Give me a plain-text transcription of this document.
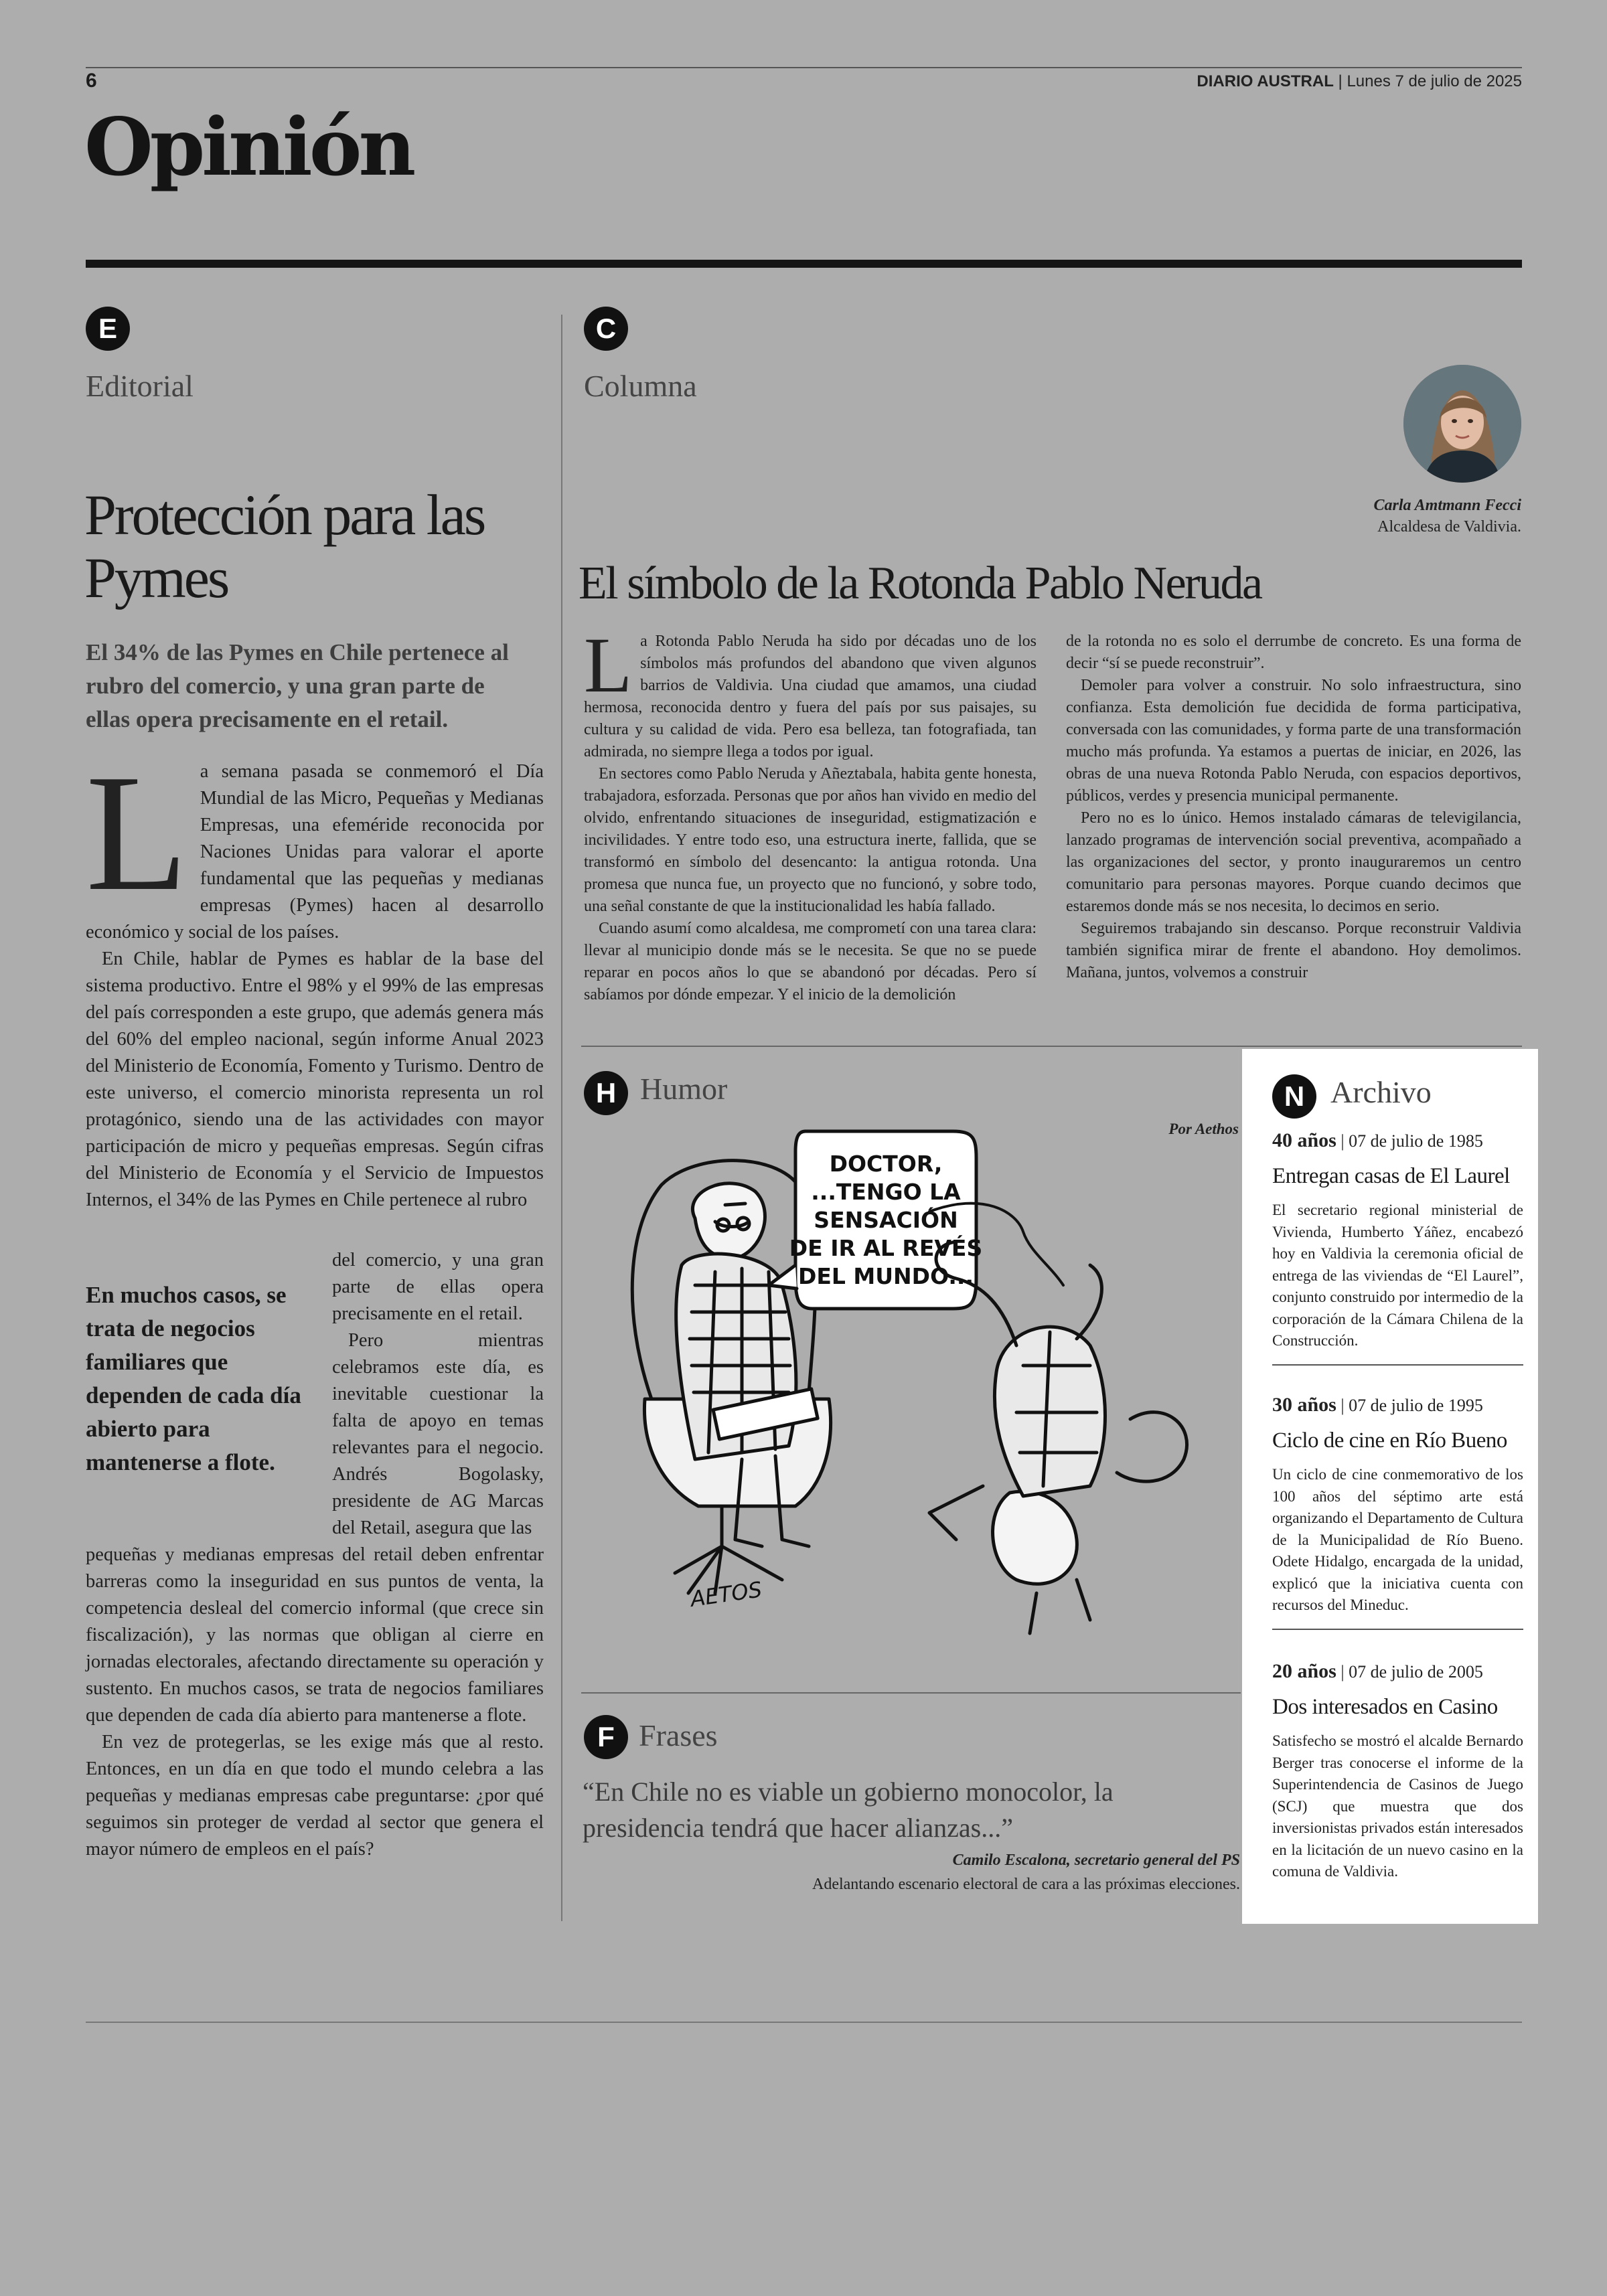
6	DIARIO AUSTRAL | Lunes 7 de julio de 2025
Opinión
E
Editorial
Protección para las Pymes
El 34% de las Pymes en Chile pertenece al rubro del comercio, y una gran parte de ellas opera precisamente en el retail.
L a semana pasada se conmemoró el Día Mundial de las Micro, Pequeñas y Medianas Empresas, una efeméride reconocida por Naciones Unidas para valorar el aporte fundamental que las pequeñas y medianas empresas (Pymes) hacen al desarrollo económico y social de los países.

En Chile, hablar de Pymes es hablar de la base del sistema productivo. Entre el 98% y el 99% de las empresas del país corresponden a este grupo, que además genera más del 60% del empleo nacional, según informe Anual 2023 del Ministerio de Economía, Fomento y Turismo. Dentro de este universo, el comercio minorista representa un rol protagónico, siendo una de las actividades con mayor participación de micro y pequeñas empresas. Según cifras del Ministerio de Economía y el Servicio de Impuestos Internos, el 34% de las Pymes en Chile pertenece al rubro

En muchos casos, se trata de negocios familiares que dependen de cada día abierto para mantenerse a flote.
del comercio, y una gran parte de ellas opera precisamente en el retail.

Pero mientras celebramos este día, es inevitable cuestionar la falta de apoyo en temas relevantes para el negocio. Andrés Bogolasky, presidente de AG Marcas del Retail, asegura que las

pequeñas y medianas empresas del retail deben enfrentar barreras como la inseguridad en sus puntos de venta, la competencia desleal del comercio informal (que crece sin fiscalización), y las normas que obligan al cierre en jornadas electorales, afectando directamente su operación y sustento. En muchos casos, se trata de negocios familiares que dependen de cada día abierto para mantenerse a flote.

En vez de protegerlas, se les exige más que al resto. Entonces, en un día en que todo el mundo celebra a las pequeñas y medianas empresas cabe preguntarse: ¿por qué seguimos sin proteger de verdad al sector que genera el mayor número de empleos en el país?

C
Columna
Carla Amtmann Fecci
Alcaldesa de Valdivia.
El símbolo de la Rotonda Pablo Neruda
L a Rotonda Pablo Neruda ha sido por décadas uno de los símbolos más profundos del abandono que viven algunos barrios de Valdivia. Una ciudad que amamos, una ciudad hermosa, reconocida dentro y fuera del país por sus paisajes, su cultura y su calidad de vida. Pero esa belleza, tan fotografiada, tan admirada, no siempre llega a todos por igual.

En sectores como Pablo Neruda y Añeztabala, habita gente honesta, trabajadora, esforzada. Personas que por años han vivido en medio del olvido, enfrentando situaciones de inseguridad, estigmatización e incivilidades. Y entre todo eso, una estructura inerte, fallida, que se transformó en símbolo del desencanto: la antigua rotonda. Una promesa que nunca fue, un proyecto que no funcionó, y sobre todo, una señal constante de que la institucionalidad les había fallado.

Cuando asumí como alcaldesa, me comprometí con una tarea clara: llevar al municipio donde más se le necesita. Se que no se puede reparar en pocos años lo que se abandonó por décadas. Pero sí sabíamos por dónde empezar. Y el inicio de la demolición

de la rotonda no es solo el derrumbe de concreto. Es una forma de decir “sí se puede reconstruir”.

Demoler para volver a construir. No solo infraestructura, sino confianza. Esta demolición fue decidida de forma participativa, conversada con las comunidades, y forma parte de una transformación mucho más profunda. Ya estamos a puertas de iniciar, en 2026, las obras de una nueva Rotonda Pablo Neruda, con espacios deportivos, públicos, verdes y presencia municipal permanente.

Pero no es lo único. Hemos instalado cámaras de televigilancia, lanzado programas de intervención social preventiva, acompañado a las organizaciones del sector, y pronto inauguraremos un centro comunitario para personas mayores. Porque cuando decimos que estaremos donde más se nos necesita, lo decimos en serio.

Seguiremos trabajando sin descanso. Porque reconstruir Valdivia también significa mirar de frente el abandono. Hoy demolimos. Mañana, juntos, volvemos a construir

H Humor
Por Aethos
DOCTOR,
...TENGO LA
SENSACIÓN
DE IR AL REVÉS
DEL MUNDO...
AETOS
F Frases
“En Chile no es viable un gobierno monocolor, la presidencia tendrá que hacer alianzas...”
Camilo Escalona, secretario general del PS
Adelantando escenario electoral de cara a las próximas elecciones.
N Archivo
40 años | 07 de julio de 1985
Entregan casas de El Laurel
El secretario regional ministerial de Vivienda, Humberto Yáñez, encabezó hoy en Valdivia la ceremonia oficial de entrega de las viviendas de “El Laurel”, conjunto construido por intermedio de la corporación de la Cámara Chilena de la Construcción.
30 años | 07 de julio de 1995
Ciclo de cine en Río Bueno
Un ciclo de cine conmemorativo de los 100 años del séptimo arte está organizando el Departamento de Cultura de la Municipalidad de Río Bueno. Odete Hidalgo, encargada de la unidad, explicó que la iniciativa cuenta con recursos del Mineduc.
20 años | 07 de julio de 2005
Dos interesados en Casino
Satisfecho se mostró el alcalde Bernardo Berger tras conocerse el informe de la Superintendencia de Casinos de Juego (SCJ) que muestra que dos inversionistas privados están interesados en la licitación de un nuevo casino en la comuna de Valdivia.
